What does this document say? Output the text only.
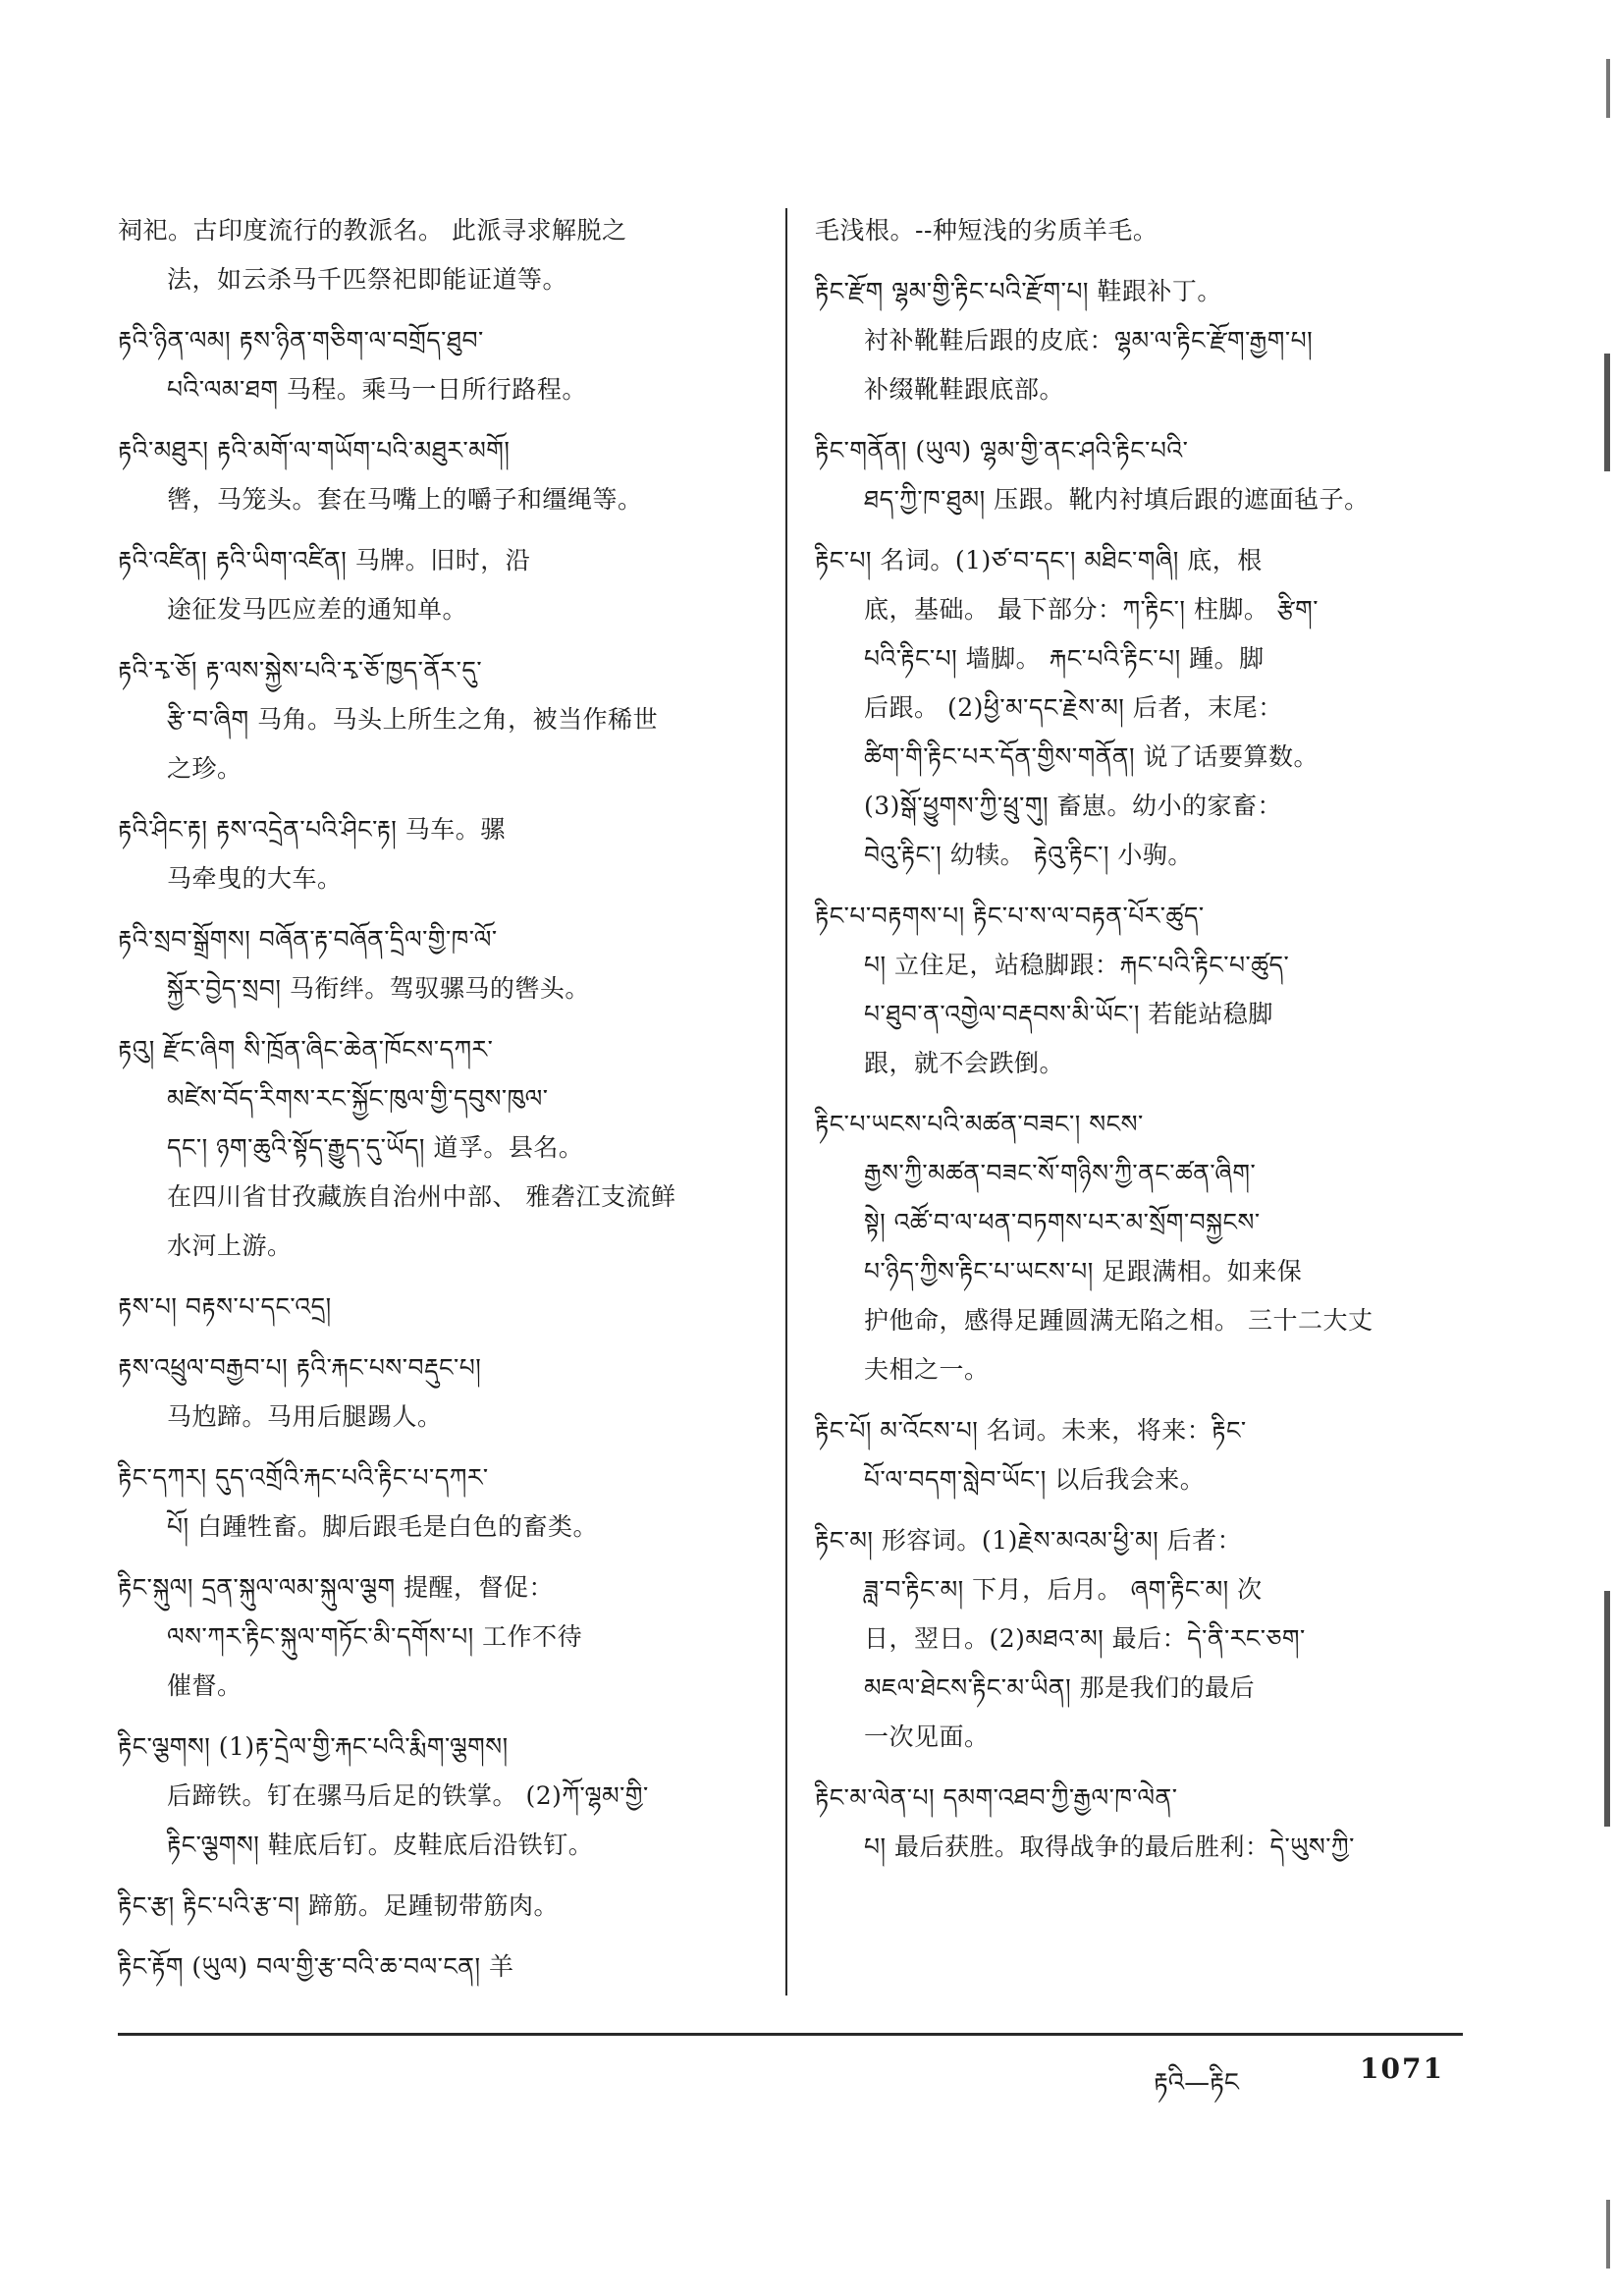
祠祀。古印度流行的教派名。 此派寻求解脱之
法，如云杀马千匹祭祀即能证道等。
རྟའི་ཉིན་ལམ། རྟས་ཉིན་གཅིག་ལ་བགྲོད་ཐུབ་
པའི་ལམ་ཐག 马程。乘马一日所行路程。
རྟའི་མཐུར། རྟའི་མགོ་ལ་གཡོག་པའི་མཐུར་མགོ།
辔，马笼头。套在马嘴上的嚼子和缰绳等。
རྟའི་འཛིན། རྟའི་ཡིག་འཛིན། 马牌。旧时，沿
途征发马匹应差的通知单。
རྟའི་རྭ་ཅོ། རྟ་ལས་སྐྱེས་པའི་རྭ་ཅོ་ཁྱད་ནོར་དུ་
རྩི་བ་ཞིག 马角。马头上所生之角，被当作稀世
之珍。
རྟའི་ཤིང་རྟ། རྟས་འདྲེན་པའི་ཤིང་རྟ། 马车。骡
马牵曳的大车。
རྟའི་སྲབ་སྒྲོགས། བཞོན་རྟ་བཞོན་དྲིལ་གྱི་ཁ་ལོ་
སྐྱོར་བྱེད་སྲབ། 马衔绊。驾驭骡马的辔头。
རྟའུ། རྫོང་ཞིག སི་ཁྲོན་ཞིང་ཆེན་ཁོངས་དཀར་
མཛེས་བོད་རིགས་རང་སྐྱོང་ཁུལ་གྱི་དབུས་ཁུལ་
དང་། ཉག་ཆུའི་སྟོད་རྒྱུད་དུ་ཡོད། 道孚。县名。
在四川省甘孜藏族自治州中部、 雅砻江支流鲜
水河上游。
རྟས་པ། བརྟས་པ་དང་འདྲ།
རྟས་འཕྲུལ་བརྒྱབ་པ། རྟའི་རྐང་པས་བརྡུང་པ།
马尥蹄。马用后腿踢人。
རྟིང་དཀར། དུད་འགྲོའི་རྐང་པའི་རྟིང་པ་དཀར་
པོ། 白踵牲畜。脚后跟毛是白色的畜类。
རྟིང་སྐུལ། དྲན་སྐུལ་ལམ་སྐུལ་ལྕག 提醒，督促：
ལས་ཀར་རྟིང་སྐུལ་གཏོང་མི་དགོས་པ། 工作不待
催督。
རྟིང་ལྕགས། (1)རྟ་དྲེལ་གྱི་རྐང་པའི་རྨིག་ལྕགས།
后蹄铁。钉在骡马后足的铁掌。 (2)ཀོ་ལྷམ་གྱི་
རྟིང་ལྕགས། 鞋底后钉。皮鞋底后沿铁钉。
རྟིང་རྩ། རྟིང་པའི་རྩ་བ། 蹄筋。足踵韧带筋肉。
རྟིང་རྟོག (ཡུལ) བལ་གྱི་རྩ་བའི་ཆ་བལ་ངན། 羊
毛浅根。--种短浅的劣质羊毛。
རྟིང་རྫོག ལྷམ་གྱི་རྟིང་པའི་རྫོག་པ། 鞋跟补丁。
衬补靴鞋后跟的皮底：ལྷམ་ལ་རྟིང་རྫོག་རྒྱག་པ།
补缀靴鞋跟底部。
རྟིང་གནོན། (ཡུལ) ལྷམ་གྱི་ནང་ཤའི་རྟིང་པའི་
ཐད་ཀྱི་ཁ་ཐུམ། 压跟。靴内衬填后跟的遮面毡子。
རྟིང་པ། 名词。(1)ཙ་བ་དང་། མཐིང་གཞི། 底，根
底，基础。 最下部分：ཀ་རྟིང་། 柱脚。 རྩིག་
པའི་རྟིང་པ། 墙脚。 རྐང་པའི་རྟིང་པ། 踵。脚
后跟。 (2)ཕྱི་མ་དང་རྗེས་མ། 后者，末尾：
ཚིག་གི་རྟིང་པར་དོན་གྱིས་གནོན། 说了话要算数。
(3)སྒོ་ཕྱུགས་ཀྱི་ཕྲུ་གུ། 畜崽。幼小的家畜：
བེའུ་རྟིང་། 幼犊。 རྟེའུ་རྟིང་། 小驹。
རྟིང་པ་བརྟགས་པ། རྟིང་པ་ས་ལ་བརྟན་པོར་ཚུད་
པ། 立住足，站稳脚跟：རྐང་པའི་རྟིང་པ་ཚུད་
པ་ཐུབ་ན་འགྱེལ་བརྡབས་མི་ཡོང་། 若能站稳脚
跟，就不会跌倒。
རྟིང་པ་ཡངས་པའི་མཚན་བཟང་། སངས་
རྒྱས་ཀྱི་མཚན་བཟང་སོ་གཉིས་ཀྱི་ནང་ཚན་ཞིག་
སྟེ། འཚོ་བ་ལ་ཕན་བཏགས་པར་མ་སྲོག་བསྐྱངས་
པ་ཉིད་ཀྱིས་རྟིང་པ་ཡངས་པ། 足跟满相。如来保
护他命，感得足踵圆满无陷之相。 三十二大丈
夫相之一。
རྟིང་པོ། མ་འོངས་པ། 名词。未来，将来：རྟིང་
པོ་ལ་བདག་སླེབ་ཡོང་། 以后我会来。
རྟིང་མ། 形容词。(1)རྗེས་མའམ་ཕྱི་མ། 后者：
ཟླ་བ་རྟིང་མ། 下月，后月。 ཞག་རྟིང་མ། 次
日，翌日。(2)མཐའ་མ། 最后：དེ་ནི་རང་ཅག་
མཇལ་ཐེངས་རྟིང་མ་ཡིན། 那是我们的最后
一次见面。
རྟིང་མ་ལེན་པ། དམག་འཐབ་ཀྱི་རྒྱལ་ཁ་ལེན་
པ། 最后获胜。取得战争的最后胜利：དེ་ཡུས་ཀྱི་
རྟའི—རྟིང	1071
